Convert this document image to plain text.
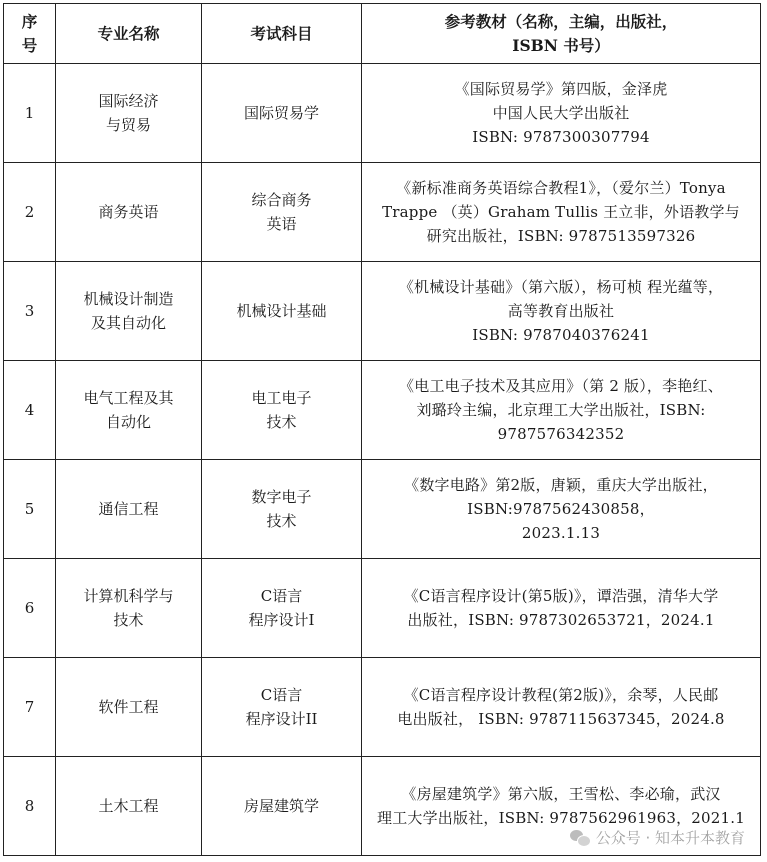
序
号	专业名称	考试科目	参考教材（名称，主编，出版社，
ISBN 书号）

1	国际经济
与贸易	国际贸易学	《国际贸易学》第四版，金泽虎
中国人民大学出版社
ISBN: 9787300307794

2	商务英语	综合商务
英语	《新标准商务英语综合教程1》，（爱尔兰）Tonya
Trappe （英）Graham Tullis 王立非，外语教学与
研究出版社，ISBN: 9787513597326

3	机械设计制造
及其自动化	机械设计基础	《机械设计基础》（第六版），杨可桢 程光蕴等，
高等教育出版社
ISBN: 9787040376241

4	电气工程及其
自动化	电工电子
技术	《电工电子技术及其应用》（第 2 版），李艳红、
刘璐玲主编，北京理工大学出版社，ISBN:
9787576342352

5	通信工程	数字电子
技术	《数字电路》第2版，唐颖，重庆大学出版社，
ISBN:9787562430858，
2023.1.13

6	计算机科学与
技术	C语言
程序设计I	《C语言程序设计(第5版)》，谭浩强，清华大学
出版社，ISBN: 9787302653721，2024.1

7	软件工程	C语言
程序设计II	《C语言程序设计教程(第2版)》，余琴，人民邮
电出版社， ISBN: 9787115637345，2024.8

8	土木工程	房屋建筑学	《房屋建筑学》第六版，王雪松、李必瑜，武汉
理工大学出版社，ISBN: 9787562961963，2021.1
公众号 · 知本升本教育
